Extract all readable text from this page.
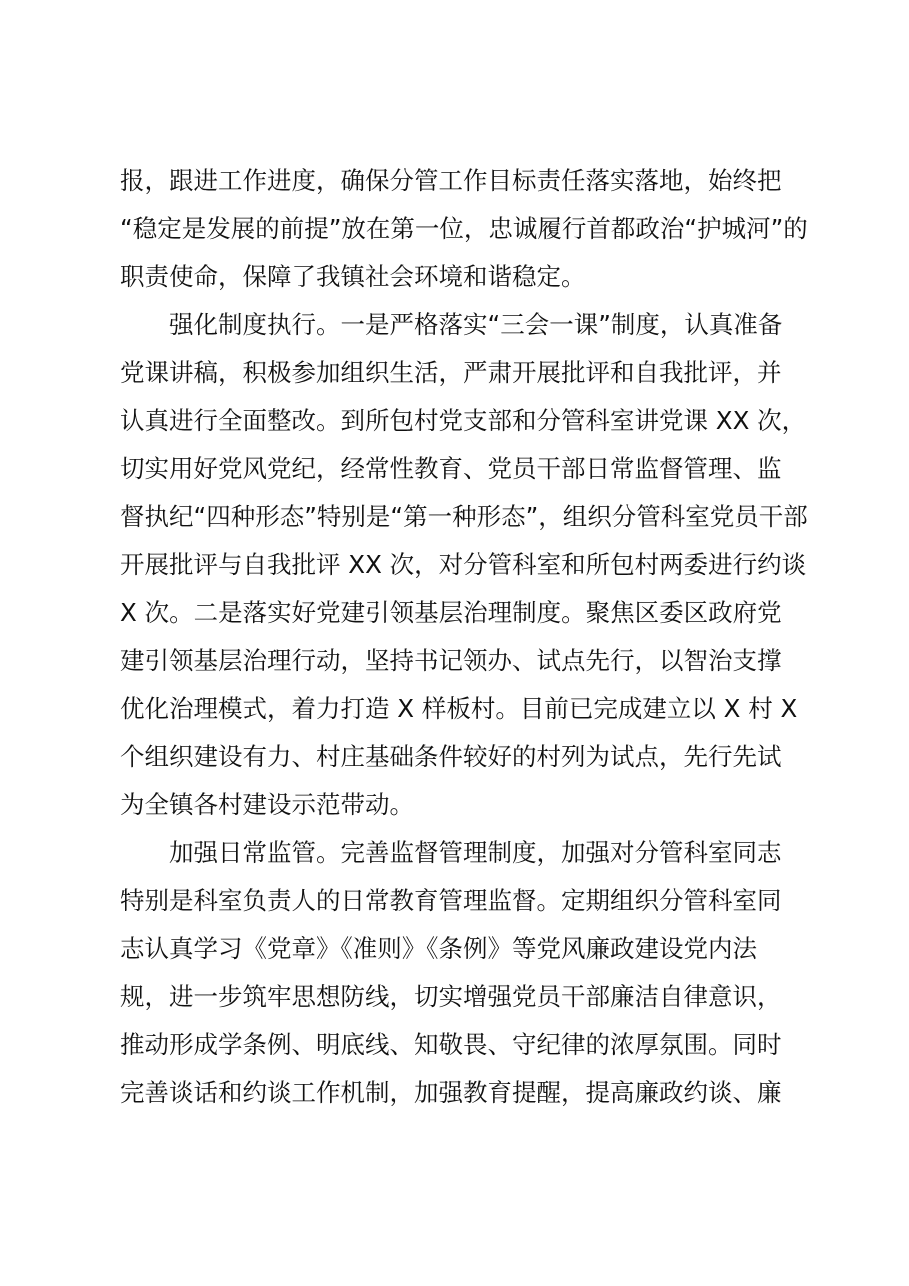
报，跟进工作进度，确保分管工作目标责任落实落地，始终把
“稳定是发展的前提”放在第一位，忠诚履行首都政治“护城河”的
职责使命，保障了我镇社会环境和谐稳定。
　　强化制度执行。一是严格落实“三会一课”制度，认真准备
党课讲稿，积极参加组织生活，严肃开展批评和自我批评，并
认真进行全面整改。到所包村党支部和分管科室讲党课 XX 次，
切实用好党风党纪，经常性教育、党员干部日常监督管理、监
督执纪“四种形态”特别是“第一种形态”，组织分管科室党员干部
开展批评与自我批评 XX 次，对分管科室和所包村两委进行约谈
X 次。二是落实好党建引领基层治理制度。聚焦区委区政府党
建引领基层治理行动，坚持书记领办、试点先行，以智治支撑
优化治理模式，着力打造 X 样板村。目前已完成建立以 X 村 X
个组织建设有力、村庄基础条件较好的村列为试点，先行先试
为全镇各村建设示范带动。
　　加强日常监管。完善监督管理制度，加强对分管科室同志
特别是科室负责人的日常教育管理监督。定期组织分管科室同
志认真学习《党章》《准则》《条例》等党风廉政建设党内法
规，进一步筑牢思想防线，切实增强党员干部廉洁自律意识，
推动形成学条例、明底线、知敬畏、守纪律的浓厚氛围。同时
完善谈话和约谈工作机制，加强教育提醒，提高廉政约谈、廉
